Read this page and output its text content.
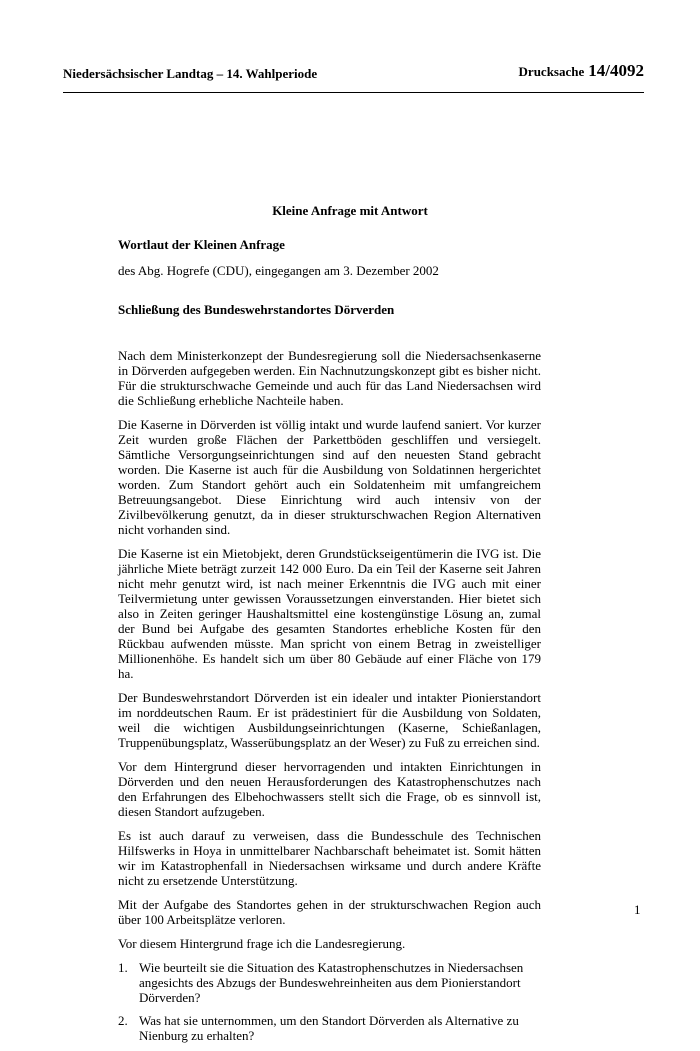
Niedersächsischer Landtag – 14. Wahlperiode	Drucksache 14/4092
Kleine Anfrage mit Antwort

Wortlaut der Kleinen Anfrage

des Abg. Hogrefe (CDU), eingegangen am 3. Dezember 2002

Schließung des Bundeswehrstandortes Dörverden

Nach dem Ministerkonzept der Bundesregierung soll die Niedersachsenkaserne in Dörverden aufgegeben werden. Ein Nachnutzungskonzept gibt es bisher nicht. Für die strukturschwache Gemeinde und auch für das Land Niedersachsen wird die Schließung erhebliche Nachteile haben.

Die Kaserne in Dörverden ist völlig intakt und wurde laufend saniert. Vor kurzer Zeit wurden große Flächen der Parkettböden geschliffen und versiegelt. Sämtliche Versorgungseinrichtungen sind auf den neuesten Stand gebracht worden. Die Kaserne ist auch für die Ausbildung von Soldatinnen hergerichtet worden. Zum Standort gehört auch ein Soldatenheim mit umfangreichem Betreuungsangebot. Diese Einrichtung wird auch intensiv von der Zivilbevölkerung genutzt, da in dieser strukturschwachen Region Alternativen nicht vorhanden sind.

Die Kaserne ist ein Mietobjekt, deren Grundstückseigentümerin die IVG ist. Die jährliche Miete beträgt zurzeit 142 000 Euro. Da ein Teil der Kaserne seit Jahren nicht mehr genutzt wird, ist nach meiner Erkenntnis die IVG auch mit einer Teilvermietung unter gewissen Voraussetzungen einverstanden. Hier bietet sich also in Zeiten geringer Haushaltsmittel eine kostengünstige Lösung an, zumal der Bund bei Aufgabe des gesamten Standortes erhebliche Kosten für den Rückbau aufwenden müsste. Man spricht von einem Betrag in zweistelliger Millionenhöhe. Es handelt sich um über 80 Gebäude auf einer Fläche von 179 ha.

Der Bundeswehrstandort Dörverden ist ein idealer und intakter Pionierstandort im norddeutschen Raum. Er ist prädestiniert für die Ausbildung von Soldaten, weil die wichtigen Ausbildungseinrichtungen (Kaserne, Schießanlagen, Truppenübungsplatz, Wasserübungsplatz an der Weser) zu Fuß zu erreichen sind.

Vor dem Hintergrund dieser hervorragenden und intakten Einrichtungen in Dörverden und den neuen Herausforderungen des Katastrophenschutzes nach den Erfahrungen des Elbehochwassers stellt sich die Frage, ob es sinnvoll ist, diesen Standort aufzugeben.

Es ist auch darauf zu verweisen, dass die Bundesschule des Technischen Hilfswerks in Hoya in unmittelbarer Nachbarschaft beheimatet ist. Somit hätten wir im Katastrophenfall in Niedersachsen wirksame und durch andere Kräfte nicht zu ersetzende Unterstützung.

Mit der Aufgabe des Standortes gehen in der strukturschwachen Region auch über 100 Arbeitsplätze verloren.

Vor diesem Hintergrund frage ich die Landesregierung.

1. Wie beurteilt sie die Situation des Katastrophenschutzes in Niedersachsen angesichts des Abzugs der Bundeswehreinheiten aus dem Pionierstandort Dörverden?
2. Was hat sie unternommen, um den Standort Dörverden als Alternative zu Nienburg zu erhalten?
1
